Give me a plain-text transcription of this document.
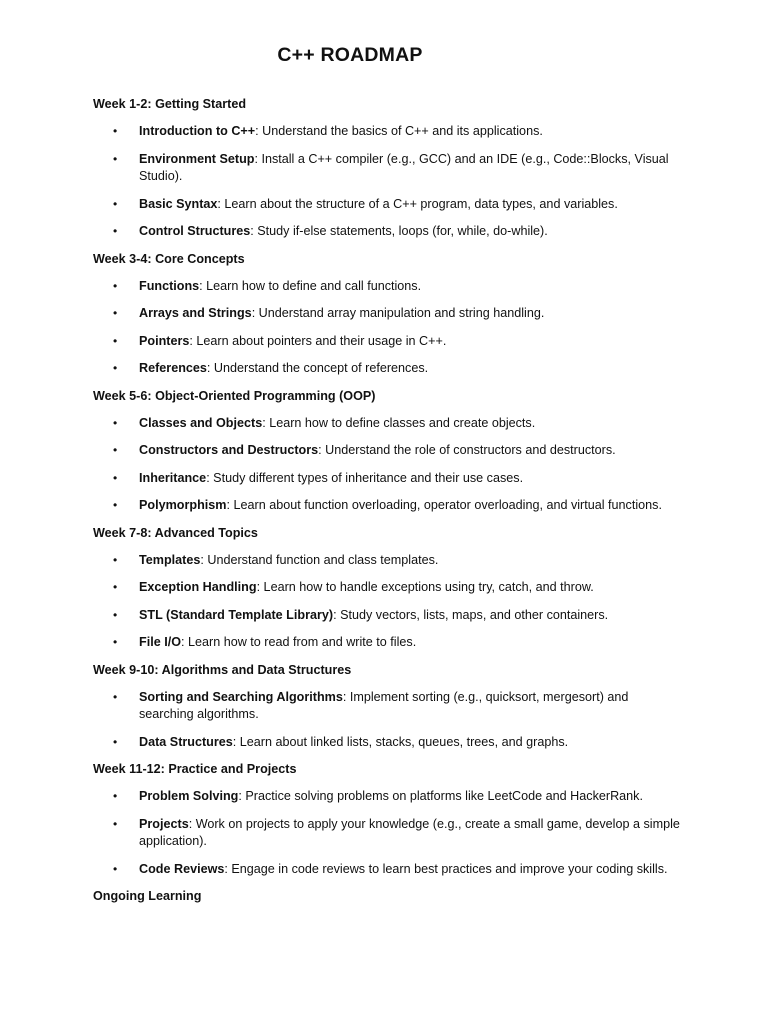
C++ ROADMAP
Week 1-2: Getting Started
• Introduction to C++: Understand the basics of C++ and its applications.
• Environment Setup: Install a C++ compiler (e.g., GCC) and an IDE (e.g., Code::Blocks, Visual Studio).
• Basic Syntax: Learn about the structure of a C++ program, data types, and variables.
• Control Structures: Study if-else statements, loops (for, while, do-while).
Week 3-4: Core Concepts
• Functions: Learn how to define and call functions.
• Arrays and Strings: Understand array manipulation and string handling.
• Pointers: Learn about pointers and their usage in C++.
• References: Understand the concept of references.
Week 5-6: Object-Oriented Programming (OOP)
• Classes and Objects: Learn how to define classes and create objects.
• Constructors and Destructors: Understand the role of constructors and destructors.
• Inheritance: Study different types of inheritance and their use cases.
• Polymorphism: Learn about function overloading, operator overloading, and virtual functions.
Week 7-8: Advanced Topics
• Templates: Understand function and class templates.
• Exception Handling: Learn how to handle exceptions using try, catch, and throw.
• STL (Standard Template Library): Study vectors, lists, maps, and other containers.
• File I/O: Learn how to read from and write to files.
Week 9-10: Algorithms and Data Structures
• Sorting and Searching Algorithms: Implement sorting (e.g., quicksort, mergesort) and searching algorithms.
• Data Structures: Learn about linked lists, stacks, queues, trees, and graphs.
Week 11-12: Practice and Projects
• Problem Solving: Practice solving problems on platforms like LeetCode and HackerRank.
• Projects: Work on projects to apply your knowledge (e.g., create a small game, develop a simple application).
• Code Reviews: Engage in code reviews to learn best practices and improve your coding skills.
Ongoing Learning
